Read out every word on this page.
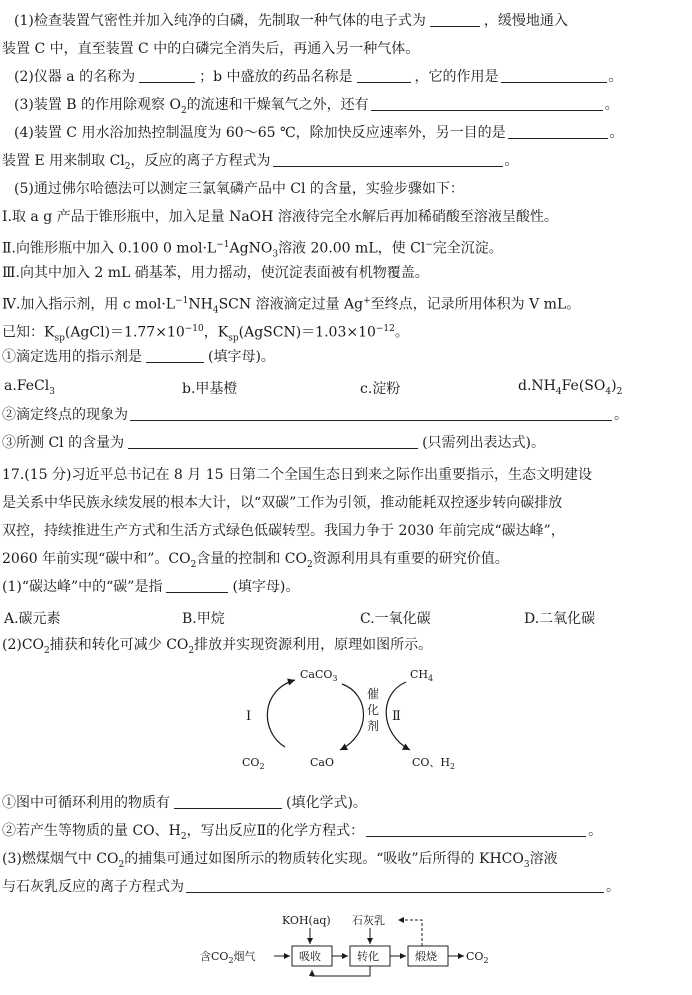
(1)检查装置气密性并加入纯净的白磷，先制取一种气体的电子式为	，缓慢地通入
装置 C 中，直至装置 C 中的白磷完全消失后，再通入另一种气体。
(2)仪器 a 的名称为	；b 中盛放的药品名称是	，它的作用是	。
(3)装置 B 的作用除观察 $O_2$的流速和干燥氧气之外，还有	。
(4)装置 C 用水浴加热控制温度为 60～65 ℃，除加快反应速率外，另一目的是	。
装置 E 用来制取 $Cl_2$，反应的离子方程式为	。
(5)通过佛尔哈德法可以测定三氯氧磷产品中 Cl 的含量，实验步骤如下：
Ⅰ.取 a g 产品于锥形瓶中，加入足量 NaOH 溶液待完全水解后再加稀硝酸至溶液呈酸性。
Ⅱ.向锥形瓶中加入 0.100 0 $mol\cdot L^{-1}AgNO_3$溶液 20.00 mL，使 Cl−完全沉淀。
Ⅲ.向其中加入 2 mL 硝基苯，用力摇动，使沉淀表面被有机物覆盖。
Ⅳ.加入指示剂，用 c $mol\cdot L^{-1}NH_4SCN$ 溶液滴定过量 Ag+至终点，记录所用体积为 V mL。
已知：$K_{sp}(AgCl)=1.77\times 10^{-10}$，$K_{sp}(AgSCN)=1.03\times 10^{-12}$。
①滴定选用的指示剂是	(填字母)。
a.FeCl$_3$	b.甲基橙	c.淀粉	$d.NH_4Fe(SO_4)_2$
②滴定终点的现象为	。
③所测 Cl 的含量为	(只需列出表达式)。
17.(15 分)习近平总书记在 8 月 15 日第二个全国生态日到来之际作出重要指示，生态文明建设
是关系中华民族永续发展的根本大计，以“双碳”工作为引领，推动能耗双控逐步转向碳排放
双控，持续推进生产方式和生活方式绿色低碳转型。我国力争于 2030 年前完成“碳达峰”，
2060 年前实现“碳中和”。$CO_2$含量的控制和 $CO_2$资源利用具有重要的研究价值。
(1)“碳达峰”中的“碳”是指	(填字母)。
A.碳元素	B.甲烷	C.一氧化碳	D.二氧化碳
$(2)CO_2$捕获和转化可减少 $CO_2$排放并实现资源利用，原理如图所示。
CaCO$_3$
CaO
$CO_2$
$CH_4$
CO、$H_2$
Ⅰ	Ⅱ
催
化
剂
①图中可循环利用的物质有	(填化学式)。
②若产生等物质的量 CO、$H_2$，写出反应Ⅱ的化学方程式：	。
(3)燃煤烟气中 $CO_2$的捕集可通过如图所示的物质转化实现。“吸收”后所得的 $KHCO_3$溶液
与石灰乳反应的离子方程式为	。
KOH(aq) 石灰乳
含$CO_2$烟气	吸收	转化	煅烧	$CO_2$
